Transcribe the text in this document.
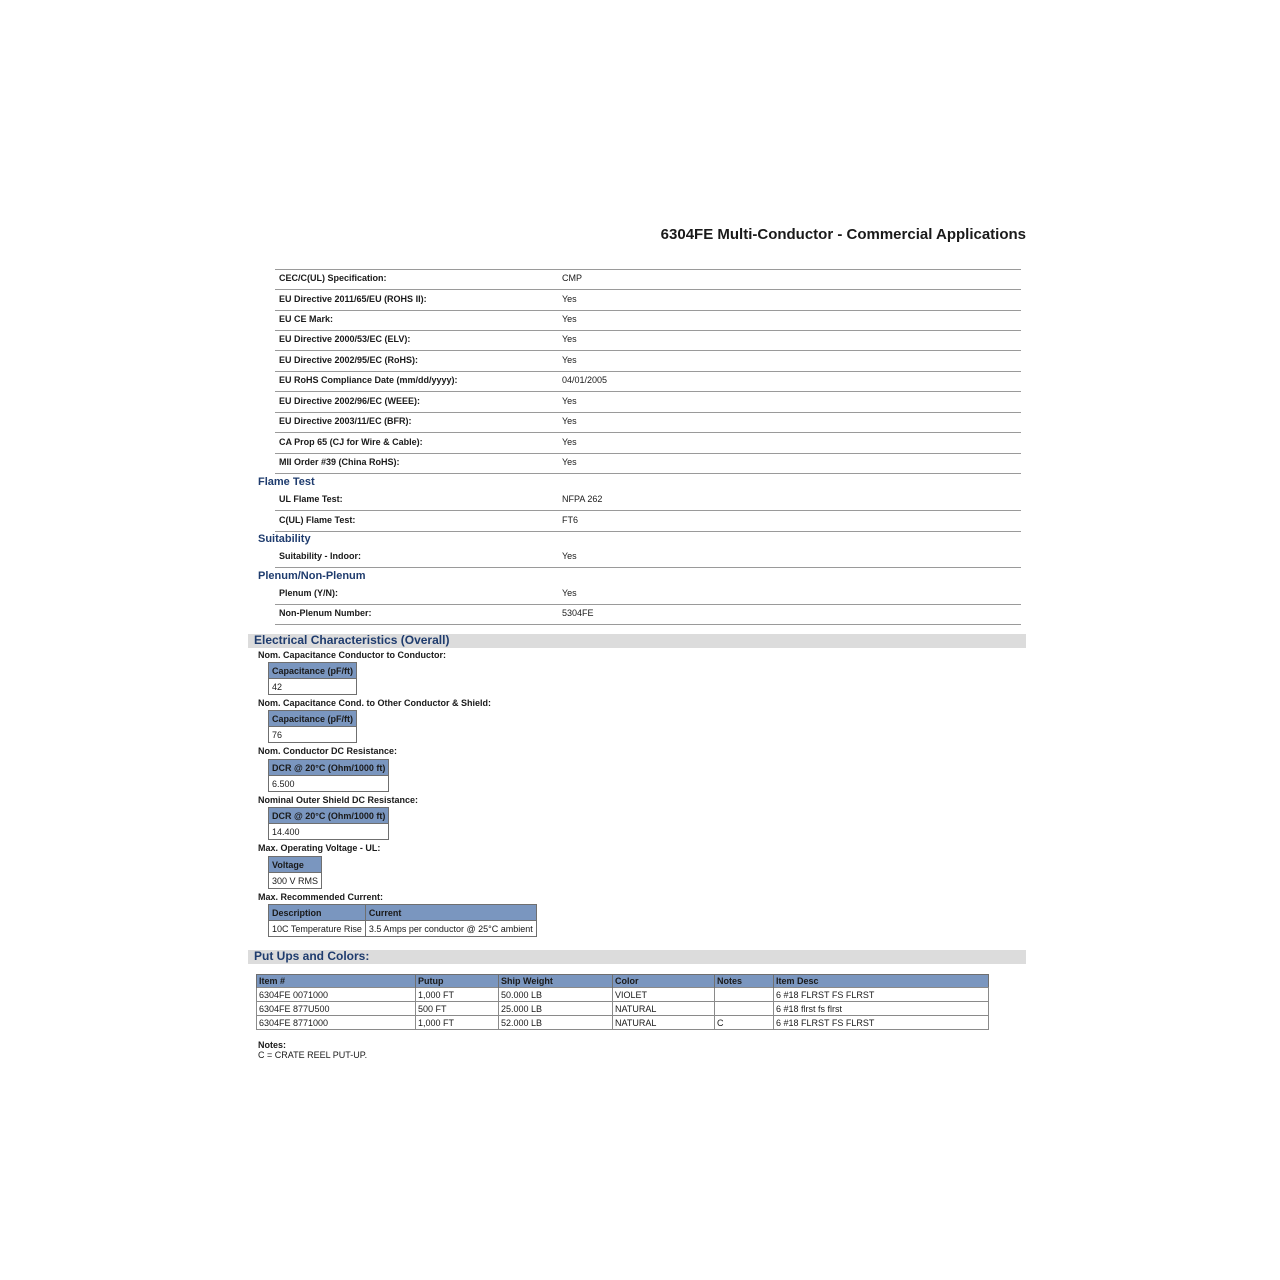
6304FE Multi-Conductor - Commercial Applications
CEC/C(UL) Specification:	CMP
EU Directive 2011/65/EU (ROHS II):	Yes
EU CE Mark:	Yes
EU Directive 2000/53/EC (ELV):	Yes
EU Directive 2002/95/EC (RoHS):	Yes
EU RoHS Compliance Date (mm/dd/yyyy):	04/01/2005
EU Directive 2002/96/EC (WEEE):	Yes
EU Directive 2003/11/EC (BFR):	Yes
CA Prop 65 (CJ for Wire & Cable):	Yes
MII Order #39 (China RoHS):	Yes
Flame Test
UL Flame Test:	NFPA 262
C(UL) Flame Test:	FT6
Suitability
Suitability - Indoor:	Yes
Plenum/Non-Plenum
Plenum (Y/N):	Yes
Non-Plenum Number:	5304FE
Electrical Characteristics (Overall)
Nom. Capacitance Conductor to Conductor:
Capacitance (pF/ft)
42
Nom. Capacitance Cond. to Other Conductor & Shield:
Capacitance (pF/ft)
76
Nom. Conductor DC Resistance:
DCR @ 20°C (Ohm/1000 ft)
6.500
Nominal Outer Shield DC Resistance:
DCR @ 20°C (Ohm/1000 ft)
14.400
Max. Operating Voltage - UL:
Voltage
300 V RMS
Max. Recommended Current:
Description	Current
10C Temperature Rise	3.5 Amps per conductor @ 25°C ambient
Put Ups and Colors:
Item #	Putup	Ship Weight	Color	Notes	Item Desc
6304FE 0071000	1,000 FT	50.000 LB	VIOLET		6 #18 FLRST FS FLRST
6304FE 877U500	500 FT	25.000 LB	NATURAL		6 #18 flrst fs flrst
6304FE 8771000	1,000 FT	52.000 LB	NATURAL	C	6 #18 FLRST FS FLRST
Notes:
C = CRATE REEL PUT-UP.
